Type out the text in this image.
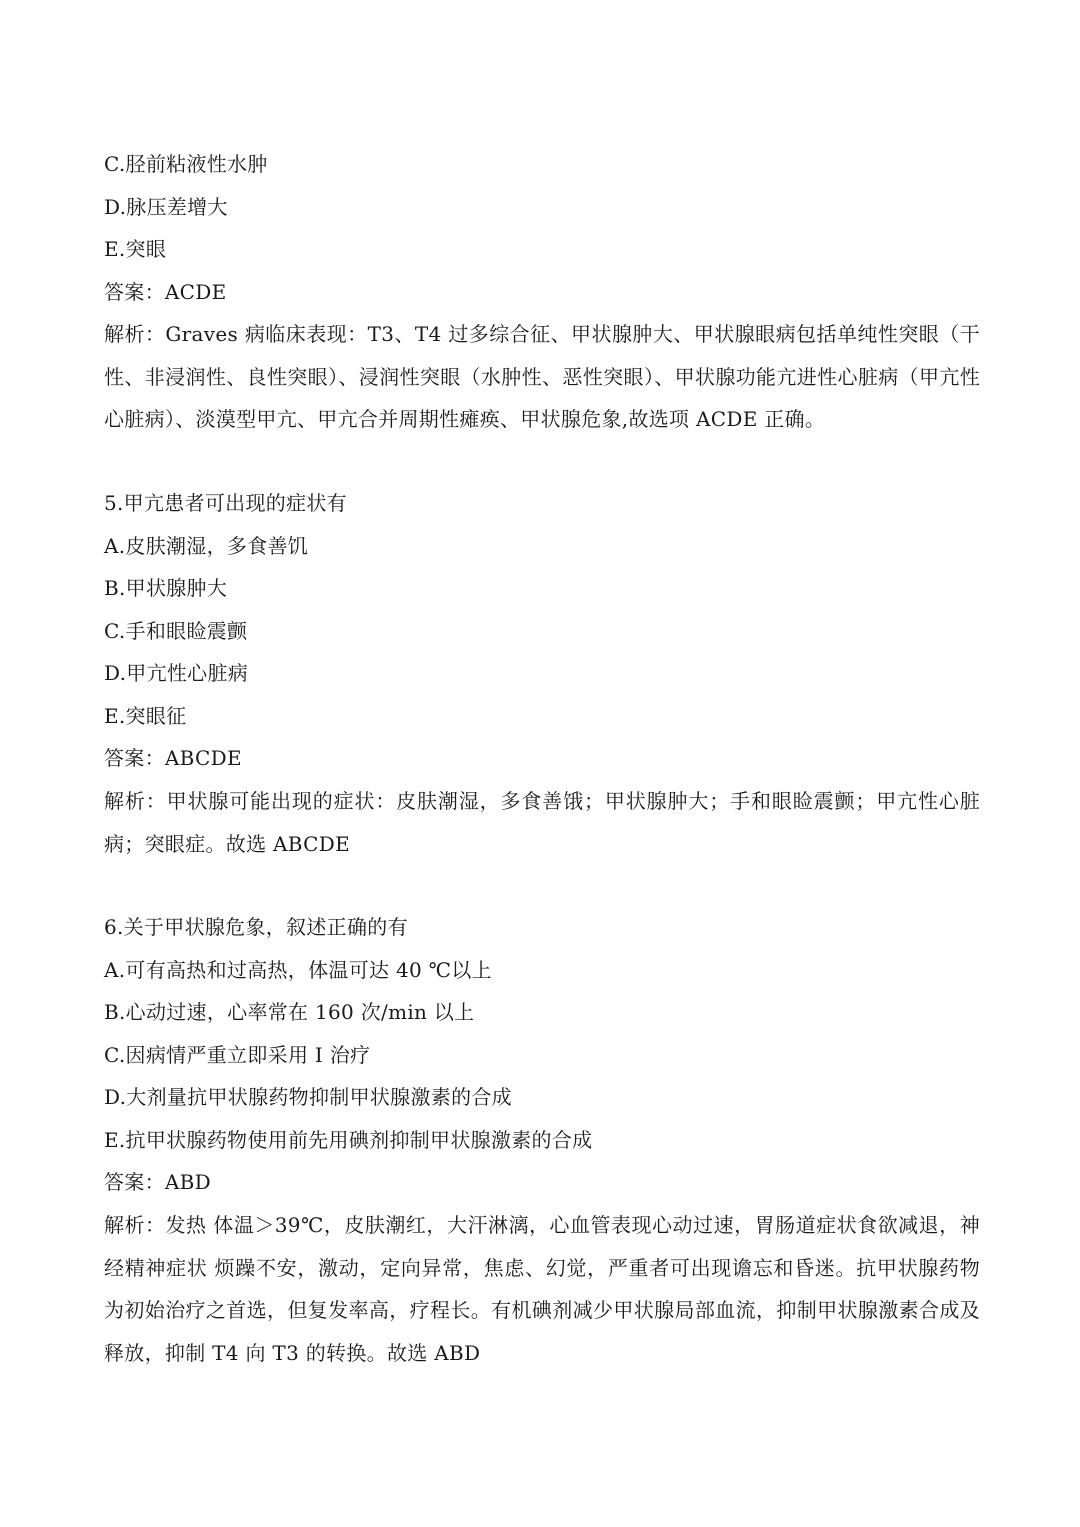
C.胫前粘液性水肿
D.脉压差增大
E.突眼
答案：ACDE
解析：Graves 病临床表现：T3、T4 过多综合征、甲状腺肿大、甲状腺眼病包括单纯性突眼（干性、非浸润性、良性突眼）、浸润性突眼（水肿性、恶性突眼）、甲状腺功能亢进性心脏病（甲亢性心脏病）、淡漠型甲亢、甲亢合并周期性瘫痪、甲状腺危象,故选项 ACDE 正确。
5.甲亢患者可出现的症状有
A.皮肤潮湿，多食善饥
B.甲状腺肿大
C.手和眼睑震颤
D.甲亢性心脏病
E.突眼征
答案：ABCDE
解析：甲状腺可能出现的症状：皮肤潮湿，多食善饿；甲状腺肿大；手和眼睑震颤；甲亢性心脏病；突眼症。故选 ABCDE
6.关于甲状腺危象，叙述正确的有
A.可有高热和过高热，体温可达 40 ℃以上
B.心动过速，心率常在 160 次/min 以上
C.因病情严重立即采用 I 治疗
D.大剂量抗甲状腺药物抑制甲状腺激素的合成
E.抗甲状腺药物使用前先用碘剂抑制甲状腺激素的合成
答案：ABD
解析：发热 体温＞39℃，皮肤潮红，大汗淋漓，心血管表现心动过速，胃肠道症状食欲减退，神经精神症状 烦躁不安，激动，定向异常，焦虑、幻觉，严重者可出现谵忘和昏迷。抗甲状腺药物为初始治疗之首选，但复发率高，疗程长。有机碘剂减少甲状腺局部血流，抑制甲状腺激素合成及释放，抑制 T4 向 T3 的转换。故选 ABD
